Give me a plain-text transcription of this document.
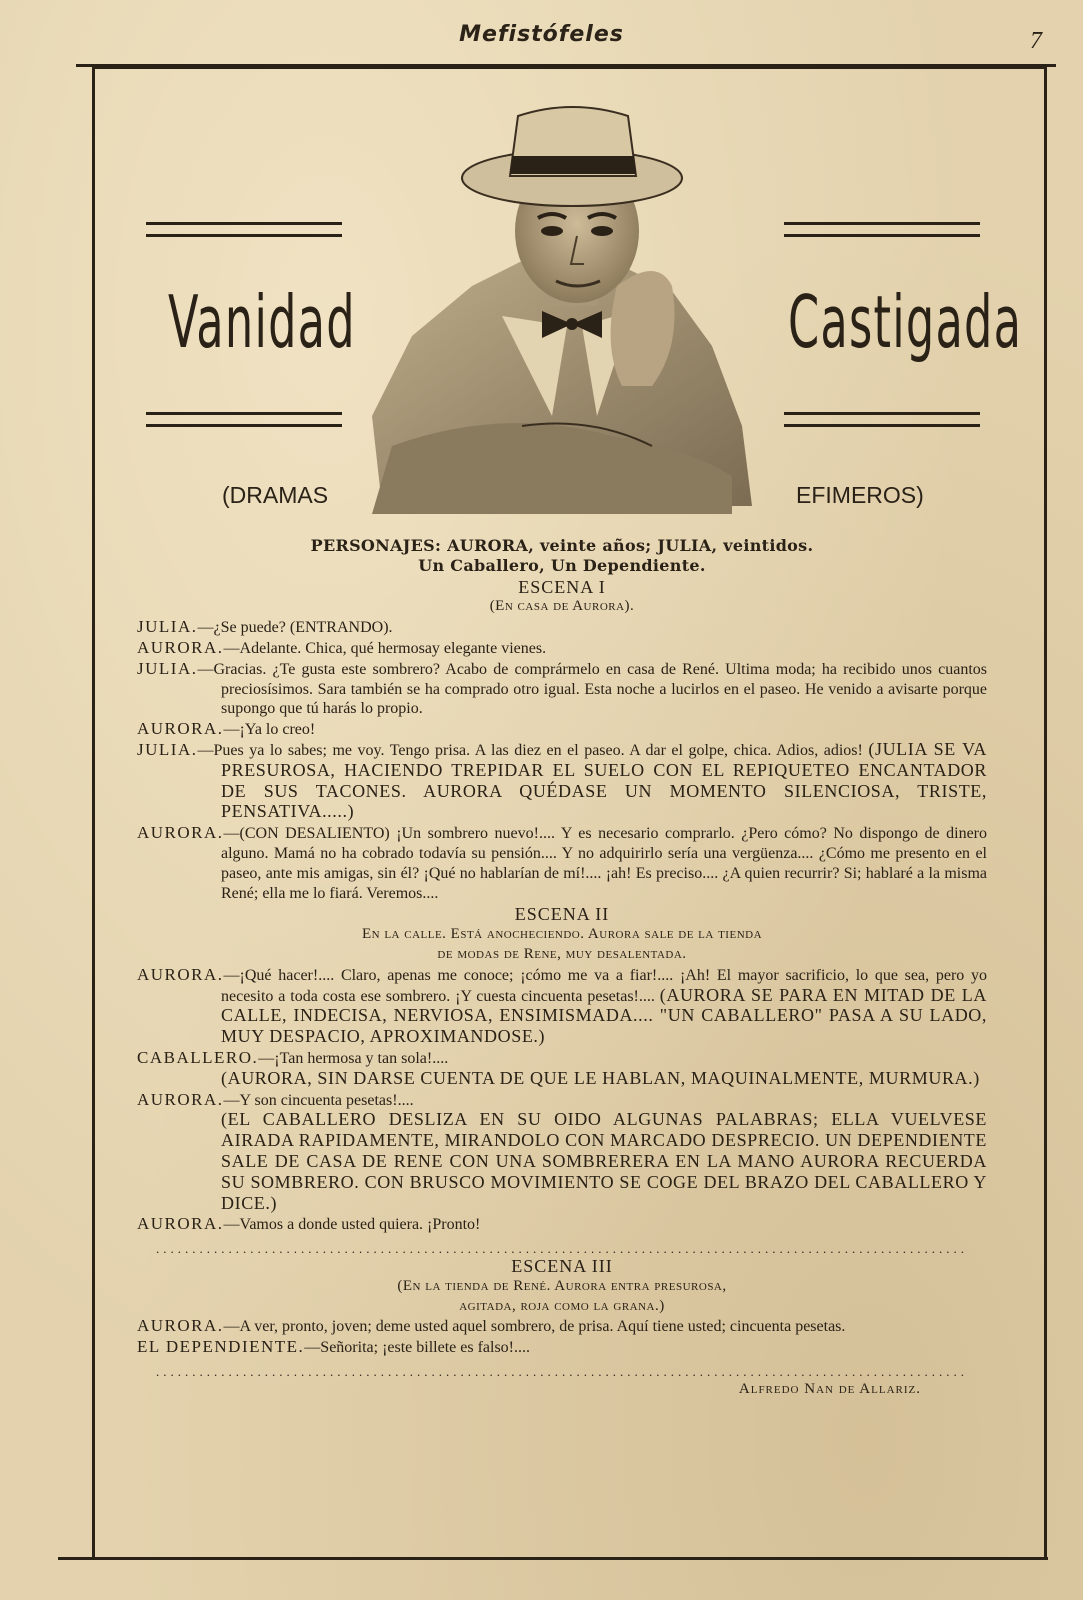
Mefistófeles	7
Vanidad	Castigada
(DRAMAS	EFIMEROS)
PERSONAJES: AURORA, veinte años; JULIA, veintidos.
Un Caballero, Un Dependiente.
ESCENA I
(En casa de Aurora).
JULIA.—¿Se puede? (ENTRANDO).
AURORA.—Adelante. Chica, qué hermosay elegante vienes.
JULIA.—Gracias. ¿Te gusta este sombrero? Acabo de comprármelo en casa de René. Ultima moda; ha recibido unos cuantos preciosísimos. Sara también se ha comprado otro igual. Esta noche a lucirlos en el paseo. He venido a avisarte porque supongo que tú harás lo propio.
AURORA.—¡Ya lo creo!
JULIA.—Pues ya lo sabes; me voy. Tengo prisa. A las diez en el paseo. A dar el golpe, chica. Adios, adios! (JULIA SE VA PRESUROSA, HACIENDO TREPIDAR EL SUELO CON EL REPIQUETEO ENCANTADOR DE SUS TACONES. AURORA QUÉDASE UN MOMENTO SILENCIOSA, TRISTE, PENSATIVA.....)
AURORA.—(CON DESALIENTO) ¡Un sombrero nuevo!.... Y es necesario comprarlo. ¿Pero cómo? No dispongo de dinero alguno. Mamá no ha cobrado todavía su pensión.... Y no adquirirlo sería una vergüenza.... ¿Cómo me presento en el paseo, ante mis amigas, sin él? ¡Qué no hablarían de mí!.... ¡ah! Es preciso.... ¿A quien recurrir? Si; hablaré a la misma René; ella me lo fiará. Veremos....
ESCENA II
En la calle. Está anocheciendo. Aurora sale de la tienda
de modas de Rene, muy desalentada.
AURORA.—¡Qué hacer!.... Claro, apenas me conoce; ¡cómo me va a fiar!.... ¡Ah! El mayor sacrificio, lo que sea, pero yo necesito a toda costa ese sombrero. ¡Y cuesta cincuenta pesetas!.... (AURORA SE PARA EN MITAD DE LA CALLE, INDECISA, NERVIOSA, ENSIMISMADA.... "UN CABALLERO" PASA A SU LADO, MUY DESPACIO, APROXIMANDOSE.)
CABALLERO.—¡Tan hermosa y tan sola!....
(AURORA, SIN DARSE CUENTA DE QUE LE HABLAN, MAQUINALMENTE, MURMURA.)
AURORA.—Y son cincuenta pesetas!....
(EL CABALLERO DESLIZA EN SU OIDO ALGUNAS PALABRAS; ELLA VUELVESE AIRADA RAPIDAMENTE, MIRANDOLO CON MARCADO DESPRECIO. UN DEPENDIENTE SALE DE CASA DE RENE CON UNA SOMBRERERA EN LA MANO AURORA RECUERDA SU SOMBRERO. CON BRUSCO MOVIMIENTO SE COGE DEL BRAZO DEL CABALLERO Y DICE.)
AURORA.—Vamos a donde usted quiera. ¡Pronto!
................................................................................................................
ESCENA III
(En la tienda de René. Aurora entra presurosa,
agitada, roja como la grana.)
AURORA.—A ver, pronto, joven; deme usted aquel sombrero, de prisa. Aquí tiene usted; cincuenta pesetas.
EL DEPENDIENTE.—Señorita; ¡este billete es falso!....
................................................................................................................
Alfredo Nan de Allariz.
